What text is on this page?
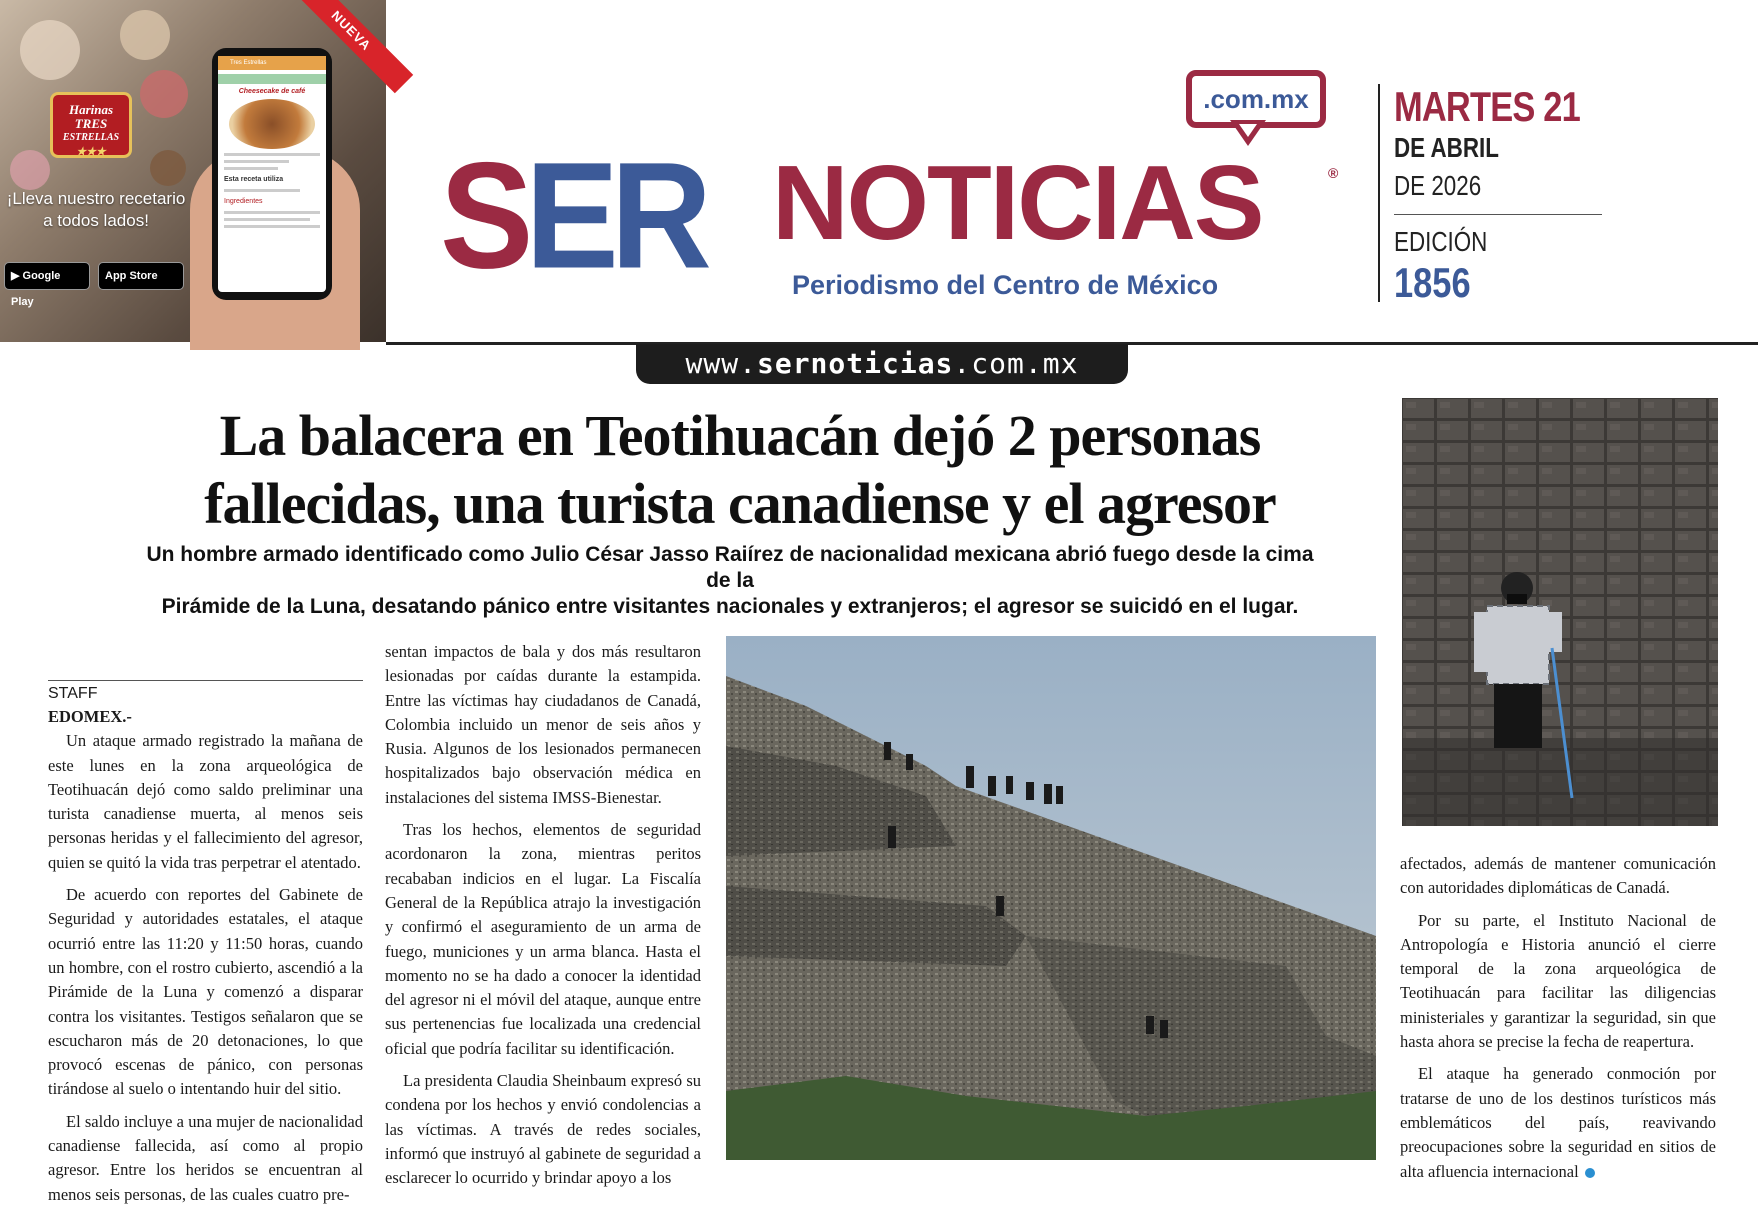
NUEVA
Harinas
TRES
ESTRELLAS
★★★
¡Lleva nuestro recetario a todos lados!
▶ Google Play
App Store
Tres Estrellas
Cheesecake de café
Esta receta utiliza
Ingredientes	SER NOTICIAS	®
.com.mx
Periodismo del Centro de México
MARTES 21
DE ABRIL
DE 2026
EDICIÓN
1856
www.sernoticias.com.mx
La balacera en Teotihuacán dejó 2 personas
fallecidas, una turista canadiense y el agresor
Un hombre armado identificado como Julio César Jasso Raiírez de nacionalidad mexicana abrió fuego desde la cima de la
Pirámide de la Luna, desatando pánico entre visitantes nacionales y extranjeros; el agresor se suicidó en el lugar.

STAFF

EDOMEX.-

Un ataque armado registrado la mañana de este lunes en la zona arqueológica de Teotihuacán dejó como saldo preliminar una turista canadiense muerta, al menos seis personas heridas y el fallecimiento del agresor, quien se quitó la vida tras perpetrar el atentado.

De acuerdo con reportes del Gabinete de Seguridad y autoridades estatales, el ataque ocurrió entre las 11:20 y 11:50 horas, cuando un hombre, con el rostro cubierto, ascendió a la Pirámide de la Luna y comenzó a disparar contra los visitantes. Testigos señalaron que se escucharon más de 20 detonaciones, lo que provocó escenas de pánico, con personas tirándose al suelo o intentando huir del sitio.

El saldo incluye a una mujer de nacionalidad canadiense fallecida, así como al propio agresor. Entre los heridos se encuentran al menos seis personas, de las cuales cuatro pre-

sentan impactos de bala y dos más resultaron lesionadas por caídas durante la estampida. Entre las víctimas hay ciudadanos de Canadá, Colombia incluido un menor de seis años y Rusia. Algunos de los lesionados permanecen hospitalizados bajo observación médica en instalaciones del sistema IMSS-Bienestar.

Tras los hechos, elementos de seguridad acordonaron la zona, mientras peritos recababan indicios en el lugar. La Fiscalía General de la República atrajo la investigación y confirmó el aseguramiento de un arma de fuego, municiones y un arma blanca. Hasta el momento no se ha dado a conocer la identidad del agresor ni el móvil del ataque, aunque entre sus pertenencias fue localizada una credencial oficial que podría facilitar su identificación.

La presidenta Claudia Sheinbaum expresó su condena por los hechos y envió condolencias a las víctimas. A través de redes sociales, informó que instruyó al gabinete de seguridad a esclarecer lo ocurrido y brindar apoyo a los

afectados, además de mantener comunicación con autoridades diplomáticas de Canadá.

Por su parte, el Instituto Nacional de Antropología e Historia anunció el cierre temporal de la zona arqueológica de Teotihuacán para facilitar las diligencias ministeriales y garantizar la seguridad, sin que hasta ahora se precise la fecha de reapertura.

El ataque ha generado conmoción por tratarse de uno de los destinos turísticos más emblemáticos del país, reavivando preocupaciones sobre la seguridad en sitios de alta afluencia internacional
